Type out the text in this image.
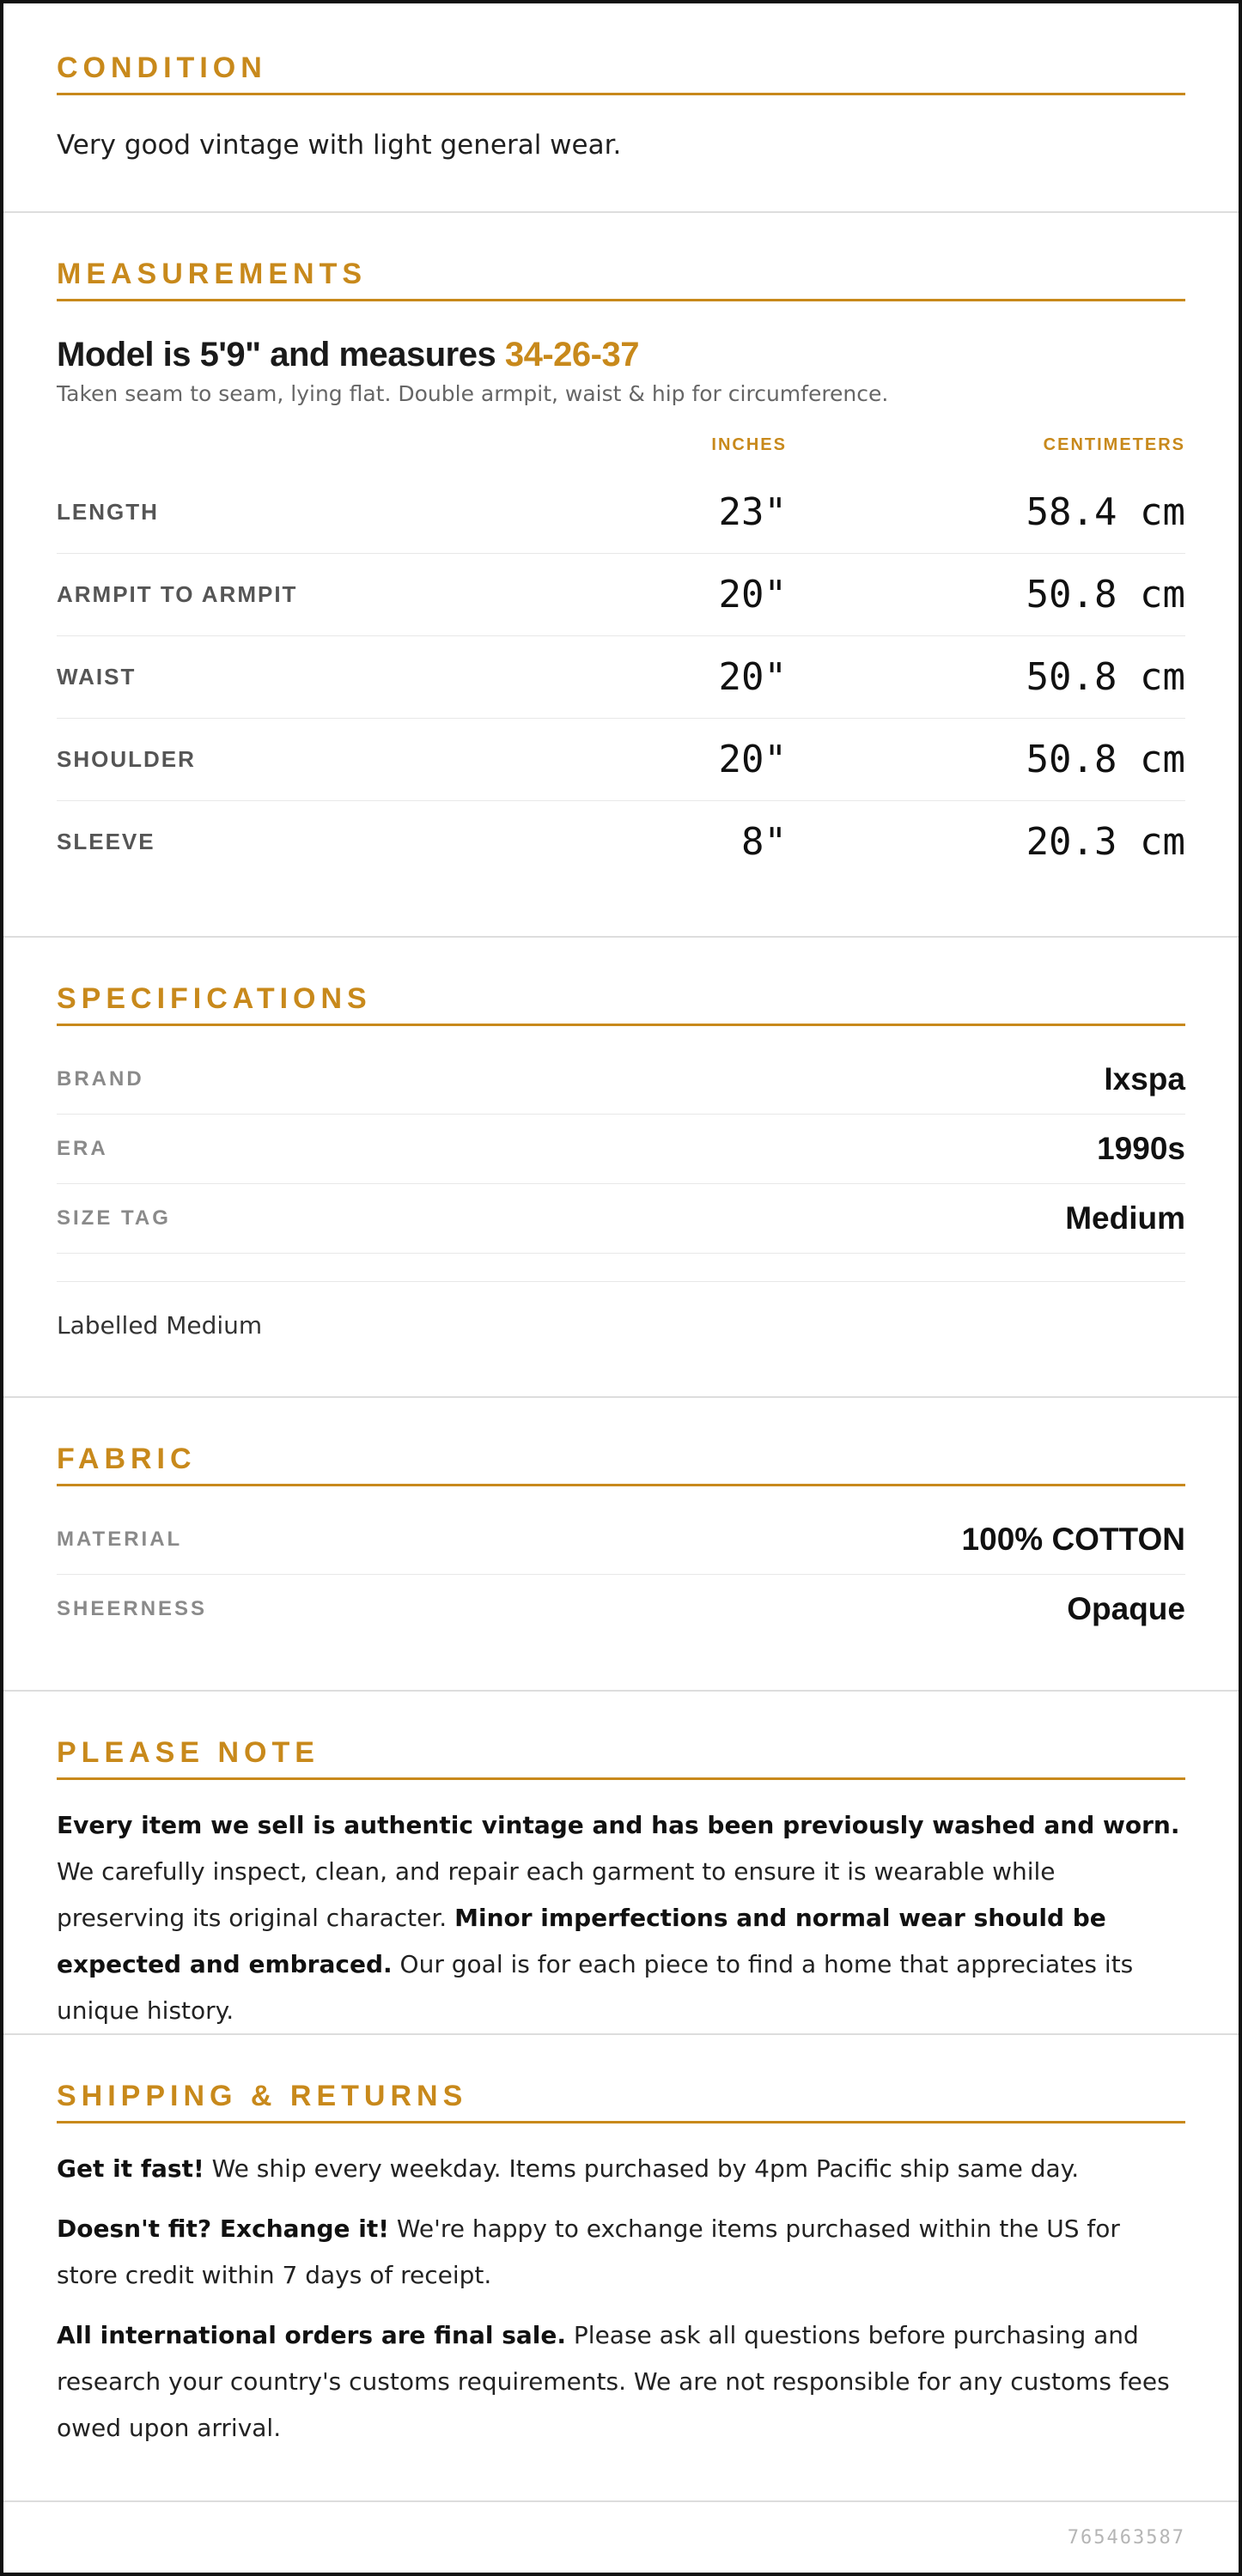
CONDITION
Very good vintage with light general wear.
MEASUREMENTS
Model is 5'9" and measures 34-26-37
Taken seam to seam, lying flat. Double armpit, waist & hip for circumference.
INCHES	CENTIMETERS
LENGTH	23"	58.4 cm
ARMPIT TO ARMPIT	20"	50.8 cm
WAIST	20"	50.8 cm
SHOULDER	20"	50.8 cm
SLEEVE	8"	20.3 cm
SPECIFICATIONS
BRAND	Ixspa
ERA	1990s
SIZE TAG	Medium
Labelled Medium
FABRIC
MATERIAL	100% COTTON
SHEERNESS	Opaque
PLEASE NOTE

Every item we sell is authentic vintage and has been previously washed and worn. We carefully inspect, clean, and repair each garment to ensure it is wearable while preserving its original character. Minor imperfections and normal wear should be expected and embraced. Our goal is for each piece to find a home that appreciates its unique history.

SHIPPING & RETURNS

Get it fast! We ship every weekday. Items purchased by 4pm Pacific ship same day.

Doesn't fit? Exchange it! We're happy to exchange items purchased within the US for store credit within 7 days of receipt.

All international orders are final sale. Please ask all questions before purchasing and research your country's customs requirements. We are not responsible for any customs fees owed upon arrival.

765463587
